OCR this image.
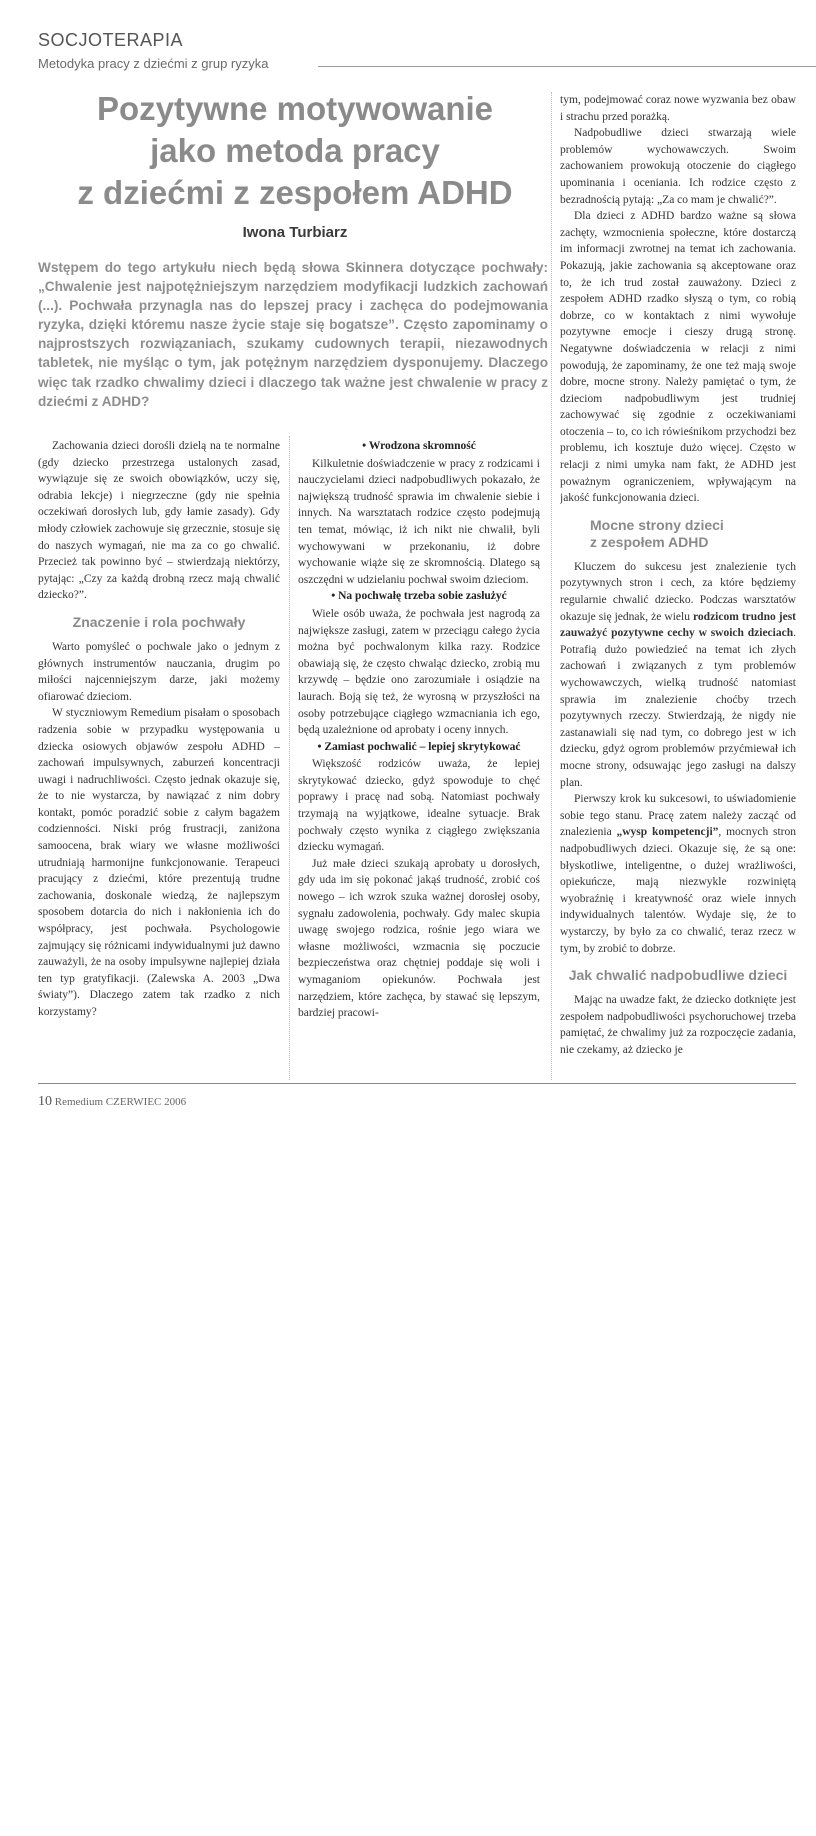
SOCJOTERAPIA
Metodyka pracy z dziećmi z grup ryzyka
Pozytywne motywowanie
jako metoda pracy
z dziećmi z zespołem ADHD
Iwona Turbiarz
Wstępem do tego artykułu niech będą słowa Skinnera dotyczące pochwały: „Chwalenie jest najpotężniejszym narzędziem modyfikacji ludzkich zachowań (...). Pochwała przynagla nas do lepszej pracy i zachęca do podejmowania ryzyka, dzięki któremu nasze życie staje się bogatsze”. Często zapominamy o najprostszych rozwiązaniach, szukamy cudownych terapii, niezawodnych tabletek, nie myśląc o tym, jak potężnym narzędziem dysponujemy. Dlaczego więc tak rzadko chwalimy dzieci i dlaczego tak ważne jest chwalenie w pracy z dziećmi z ADHD?

Zachowania dzieci dorośli dzielą na te normalne (gdy dziecko przestrzega ustalonych zasad, wywiązuje się ze swoich obowiązków, uczy się, odrabia lekcje) i niegrzeczne (gdy nie spełnia oczekiwań dorosłych lub, gdy łamie zasady). Gdy młody człowiek zachowuje się grzecznie, stosuje się do naszych wymagań, nie ma za co go chwalić. Przecież tak powinno być – stwierdzają niektórzy, pytając: „Czy za każdą drobną rzecz mają chwalić dziecko?”.

Znaczenie i rola pochwały

Warto pomyśleć o pochwale jako o jednym z głównych instrumentów nauczania, drugim po miłości najcenniejszym darze, jaki możemy ofiarować dzieciom.

W styczniowym Remedium pisałam o sposobach radzenia sobie w przypadku występowania u dziecka osiowych objawów zespołu ADHD – zachowań impulsywnych, zaburzeń koncentracji uwagi i nadruchliwości. Często jednak okazuje się, że to nie wystarcza, by nawiązać z nim dobry kontakt, pomóc poradzić sobie z całym bagażem codzienności. Niski próg frustracji, zaniżona samoocena, brak wiary we własne możliwości utrudniają harmonijne funkcjonowanie. Terapeuci pracujący z dziećmi, które prezentują trudne zachowania, doskonale wiedzą, że najlepszym sposobem dotarcia do nich i nakłonienia ich do współpracy, jest pochwała. Psychologowie zajmujący się różnicami indywidualnymi już dawno zauważyli, że na osoby impulsywne najlepiej działa ten typ gratyfikacji. (Zalewska A. 2003 „Dwa światy”). Dlaczego zatem tak rzadko z nich korzystamy?

• Wrodzona skromność

Kilkuletnie doświadczenie w pracy z rodzicami i nauczycielami dzieci nadpobudliwych pokazało, że największą trudność sprawia im chwalenie siebie i innych. Na warsztatach rodzice często podejmują ten temat, mówiąc, iż ich nikt nie chwalił, byli wychowywani w przekonaniu, iż dobre wychowanie wiąże się ze skromnością. Dlatego są oszczędni w udzielaniu pochwał swoim dzieciom.

• Na pochwałę trzeba sobie zasłużyć

Wiele osób uważa, że pochwała jest nagrodą za największe zasługi, zatem w przeciągu całego życia można być pochwalonym kilka razy. Rodzice obawiają się, że często chwaląc dziecko, zrobią mu krzywdę – będzie ono zarozumiałe i osiądzie na laurach. Boją się też, że wyrosną w przyszłości na osoby potrzebujące ciągłego wzmacniania ich ego, będą uzależnione od aprobaty i oceny innych.

• Zamiast pochwalić – lepiej skrytykować

Większość rodziców uważa, że lepiej skrytykować dziecko, gdyż spowoduje to chęć poprawy i pracę nad sobą. Natomiast pochwały trzymają na wyjątkowe, idealne sytuacje. Brak pochwały często wynika z ciągłego zwiększania dziecku wymagań.

Już małe dzieci szukają aprobaty u dorosłych, gdy uda im się pokonać jakąś trudność, zrobić coś nowego – ich wzrok szuka ważnej dorosłej osoby, sygnału zadowolenia, pochwały. Gdy malec skupia uwagę swojego rodzica, rośnie jego wiara we własne możliwości, wzmacnia się poczucie bezpieczeństwa oraz chętniej poddaje się woli i wymaganiom opiekunów. Pochwała jest narzędziem, które zachęca, by stawać się lepszym, bardziej pracowi-

tym, podejmować coraz nowe wyzwania bez obaw i strachu przed porażką.

Nadpobudliwe dzieci stwarzają wiele problemów wychowawczych. Swoim zachowaniem prowokują otoczenie do ciągłego upominania i oceniania. Ich rodzice często z bezradnością pytają: „Za co mam je chwalić?”.

Dla dzieci z ADHD bardzo ważne są słowa zachęty, wzmocnienia społeczne, które dostarczą im informacji zwrotnej na temat ich zachowania. Pokazują, jakie zachowania są akceptowane oraz to, że ich trud został zauważony. Dzieci z zespołem ADHD rzadko słyszą o tym, co robią dobrze, co w kontaktach z nimi wywołuje pozytywne emocje i cieszy drugą stronę. Negatywne doświadczenia w relacji z nimi powodują, że zapominamy, że one też mają swoje dobre, mocne strony. Należy pamiętać o tym, że dzieciom nadpobudliwym jest trudniej zachowywać się zgodnie z oczekiwaniami otoczenia – to, co ich rówieśnikom przychodzi bez problemu, ich kosztuje dużo więcej. Często w relacji z nimi umyka nam fakt, że ADHD jest poważnym ograniczeniem, wpływającym na jakość funkcjonowania dzieci.

Mocne strony dzieci
z zespołem ADHD

Kluczem do sukcesu jest znalezienie tych pozytywnych stron i cech, za które będziemy regularnie chwalić dziecko. Podczas warsztatów okazuje się jednak, że wielu rodzicom trudno jest zauważyć pozytywne cechy w swoich dzieciach. Potrafią dużo powiedzieć na temat ich złych zachowań i związanych z tym problemów wychowawczych, wielką trudność natomiast sprawia im znalezienie choćby trzech pozytywnych rzeczy. Stwierdzają, że nigdy nie zastanawiali się nad tym, co dobrego jest w ich dziecku, gdyż ogrom problemów przyćmiewał ich mocne strony, odsuwając jego zasługi na dalszy plan.

Pierwszy krok ku sukcesowi, to uświadomienie sobie tego stanu. Pracę zatem należy zacząć od znalezienia „wysp kompetencji”, mocnych stron nadpobudliwych dzieci. Okazuje się, że są one: błyskotliwe, inteligentne, o dużej wrażliwości, opiekuńcze, mają niezwykle rozwiniętą wyobraźnię i kreatywność oraz wiele innych indywidualnych talentów. Wydaje się, że to wystarczy, by było za co chwalić, teraz rzecz w tym, by zrobić to dobrze.

Jak chwalić nadpobudliwe dzieci

Mając na uwadze fakt, że dziecko dotknięte jest zespołem nadpobudliwości psychoruchowej trzeba pamiętać, że chwalimy już za rozpoczęcie zadania, nie czekamy, aż dziecko je

10 Remedium CZERWIEC 2006
